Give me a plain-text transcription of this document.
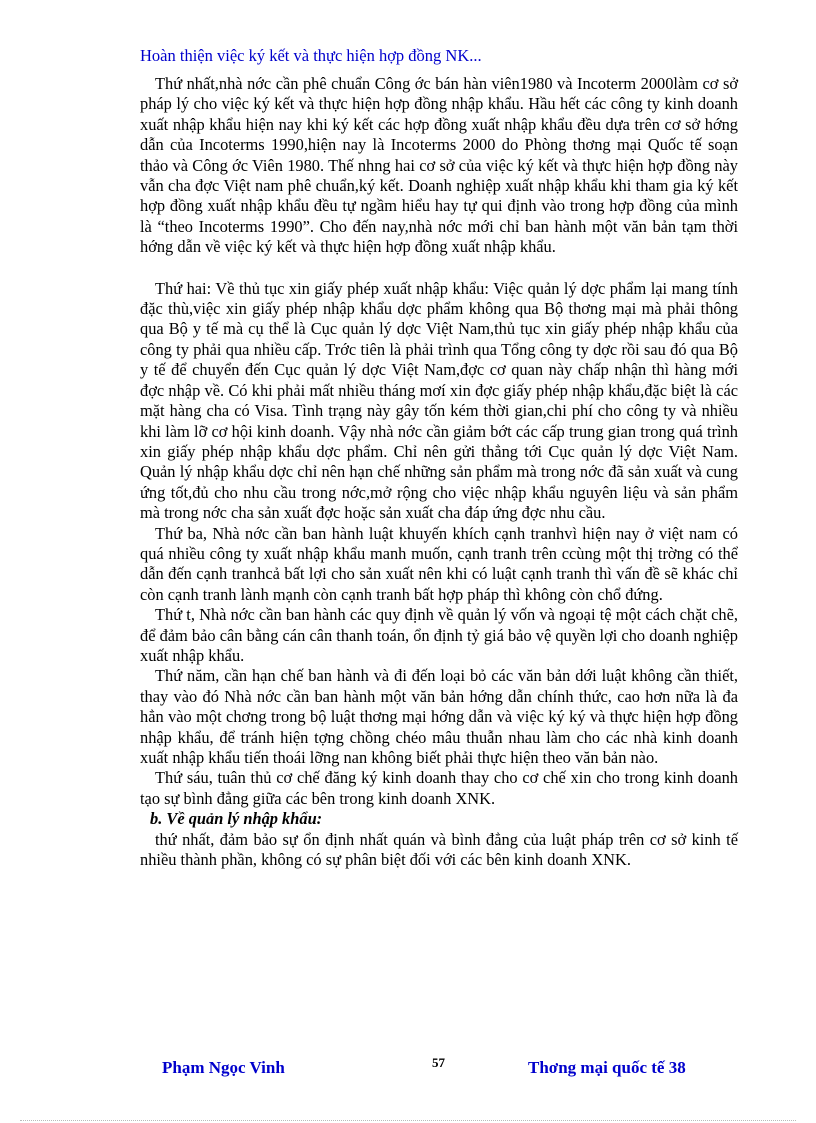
Hoàn thiện việc ký kết và thực hiện hợp đồng NK...

Thứ nhất,nhà nớc cần phê chuẩn Công ớc bán hàn viên1980 và Incoterm 2000làm cơ sở pháp lý cho việc ký kết và thực hiện hợp đồng nhập khẩu. Hầu hết các công ty kinh doanh xuất nhập khẩu hiện nay khi ký kết các hợp đồng xuất nhập khẩu đều dựa trên cơ sở hớng dẫn của Incoterms 1990,hiện nay là Incoterms 2000 do Phòng thơng mại Quốc tế soạn thảo và Công ớc Viên 1980. Thế nhng hai cơ sở của việc ký kết và thực hiện hợp đồng này vẫn cha đợc Việt nam phê chuẩn,ký kết. Doanh nghiệp xuất nhập khẩu khi tham gia ký kết hợp đồng xuất nhập khẩu đều tự ngầm hiểu hay tự qui định vào trong hợp đồng của mình là “theo Incoterms 1990”. Cho đến nay,nhà nớc mới chỉ ban hành một văn bản tạm thời hớng dẫn về việc ký kết và thực hiện hợp đồng xuất nhập khẩu.

Thứ hai: Về thủ tục xin giấy phép xuất nhập khẩu: Việc quản lý dợc phẩm lại mang tính đặc thù,việc xin giấy phép nhập khẩu dợc phẩm không qua Bộ thơng mại mà phải thông qua Bộ y tế mà cụ thể là Cục quản lý dợc Việt Nam,thủ tục xin giấy phép nhập khẩu của công ty phải qua nhiều cấp. Trớc tiên là phải trình qua Tổng công ty dợc rồi sau đó qua Bộ y tế để chuyển đến Cục quản lý dợc Việt Nam,đợc cơ quan này chấp nhận thì hàng mới đợc nhập về. Có khi phải mất nhiều tháng mơí xin đợc giấy phép nhập khẩu,đặc biệt là các mặt hàng cha có Visa. Tình trạng này gây tốn kém thời gian,chi phí cho công ty và nhiều khi làm lỡ cơ hội kinh doanh. Vậy nhà nớc cần giảm bớt các cấp trung gian trong quá trình xin giấy phép nhập khẩu dợc phẩm. Chỉ nên gửi thẳng tới Cục quản lý dợc Việt Nam. Quản lý nhập khẩu dợc chỉ nên hạn chế những sản phẩm mà trong nớc đã sản xuất và cung ứng tốt,đủ cho nhu cầu trong nớc,mở rộng cho việc nhập khẩu nguyên liệu và sản phẩm mà trong nớc cha sản xuất đợc hoặc sản xuất cha đáp ứng đợc nhu cầu.

Thứ ba, Nhà nớc cần ban hành luật khuyến khích cạnh tranhvì hiện nay ở việt nam có quá nhiều công ty xuất nhập khẩu manh muốn, cạnh tranh trên ccùng một thị trờng có thể dẫn đến cạnh tranhcả bất lợi cho sản xuất nên khi có luật cạnh tranh thì vấn đề sẽ khác chỉ còn cạnh tranh lành mạnh còn cạnh tranh bất hợp pháp thì không còn chổ đứng.

Thứ t, Nhà nớc cần ban hành các quy định về quản lý vốn và ngoại tệ một cách chặt chẽ, để đảm bảo cân bằng cán cân thanh toán, ổn định tỷ giá bảo vệ quyền lợi cho doanh nghiệp xuất nhập khẩu.

Thứ năm, cần hạn chế ban hành và đi đến loại bỏ các văn bản dới luật không cần thiết, thay vào đó Nhà nớc cần ban hành một văn bản hớng dẫn chính thức, cao hơn nữa là đa hẳn vào một chơng trong bộ luật thơng mại hớng dẫn và việc ký ký và thực hiện hợp đồng nhập khẩu, để tránh hiện tợng chồng chéo mâu thuẫn nhau làm cho các nhà kinh doanh xuất nhập khẩu tiến thoái lỡng nan không biết phải thực hiện theo văn bản nào.

Thứ sáu, tuân thủ cơ chế đăng ký kinh doanh thay cho cơ chế xin cho trong kinh doanh tạo sự bình đẳng giữa các bên trong kinh doanh XNK.

b. Về quản lý nhập khẩu:

thứ nhất, đảm bảo sự ổn định nhất quán và bình đẳng của luật pháp trên cơ sở kinh tế nhiều thành phần, không có sự phân biệt đối với các bên kinh doanh XNK.

Phạm Ngọc Vinh	57	Thơng mại quốc tế 38
